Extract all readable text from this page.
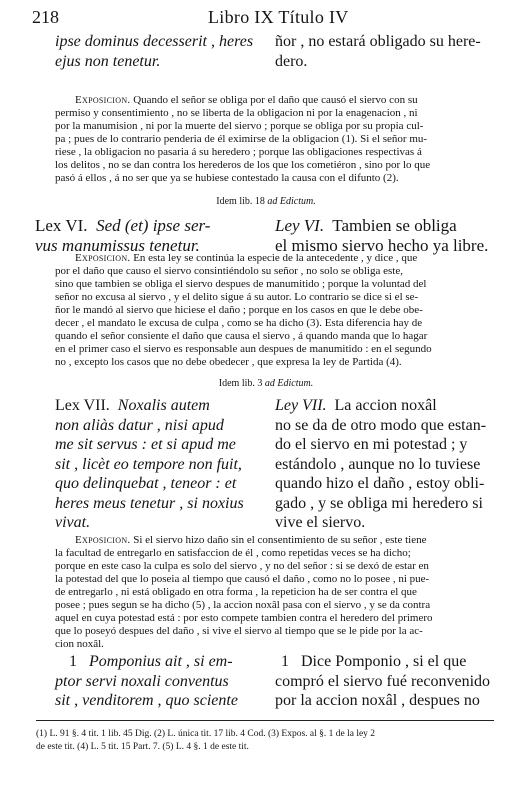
218	Libro IX Título IV
ipse dominus decesserit , heres
ejus non tenetur.
ñor , no estará obligado su here-
dero.
Exposicion. Quando el señor se obliga por el daño que causó el siervo con su
permiso y consentimiento , no se liberta de la obligacion ni por la enagenacion , ni
por la manumision , ni por la muerte del siervo ; porque se obliga por su propia cul-
pa ; pues de lo contrario penderia de él eximirse de la obligacion (1). Si el señor mu-
riese , la obligacion no pasaria á su heredero ; porque las obligaciones respectivas á
los delitos , no se dan contra los herederos de los que los cometiéron , sino por lo que
pasó á ellos , á no ser que ya se hubiese contestado la causa con el difunto (2).
Idem lib. 18 ad Edictum.
Lex VI. Sed (et) ipse ser-
vus manumissus tenetur.
Ley VI. Tambien se obliga
el mismo siervo hecho ya libre.
Exposicion. En esta ley se continúa la especie de la antecedente , y dice , que
por el daño que causo el siervo consintiéndolo su señor , no solo se obliga este,
sino que tambien se obliga el siervo despues de manumitido ; porque la voluntad del
señor no excusa al siervo , y el delito sigue á su autor. Lo contrario se dice si el se-
ñor le mandó al siervo que hiciese el daño ; porque en los casos en que le debe obe-
decer , el mandato le excusa de culpa , como se ha dicho (3). Esta diferencia hay de
quando el señor consiente el daño que causa el siervo , á quando manda que lo hagar
en el primer caso el siervo es responsable aun despues de manumitido : en el segundo
no , excepto los casos que no debe obedecer , que expresa la ley de Partida (4).
Idem lib. 3 ad Edictum.
Lex VII. Noxalis autem
non aliàs datur , nisi apud
me sit servus : et si apud me
sit , licèt eo tempore non fuit,
quo delinquebat , teneor : et
heres meus tenetur , si noxius
vivat.
Ley VII. La accion noxâl
no se da de otro modo que estan-
do el siervo en mi potestad ; y
estándolo , aunque no lo tuviese
quando hizo el daño , estoy obli-
gado , y se obliga mi heredero si
vive el siervo.
Exposicion. Si el siervo hizo daño sin el consentimiento de su señor , este tiene
la facultad de entregarlo en satisfaccion de él , como repetidas veces se ha dicho;
porque en este caso la culpa es solo del siervo , y no del señor : si se dexó de estar en
la potestad del que lo poseia al tiempo que causó el daño , como no lo posee , ni pue-
de entregarlo , ni está obligado en otra forma , la repeticion ha de ser contra el que
posee ; pues segun se ha dicho (5) , la accion noxâl pasa con el siervo , y se da contra
aquel en cuya potestad está : por esto compete tambien contra el heredero del primero
que lo poseyó despues del daño , si vive el siervo al tiempo que se le pide por la ac-
cion noxâl.
1 Pomponius ait , si em-
ptor servi noxali conventus
sit , venditorem , quo sciente
1 Dice Pomponio , si el que
compró el siervo fué reconvenido
por la accion noxâl , despues no
(1) L. 91 §. 4 tit. 1 lib. 45 Dig. (2) L. única tit. 17 lib. 4 Cod. (3) Expos. al §. 1 de la ley 2
de este tit. (4) L. 5 tit. 15 Part. 7. (5) L. 4 §. 1 de este tit.
